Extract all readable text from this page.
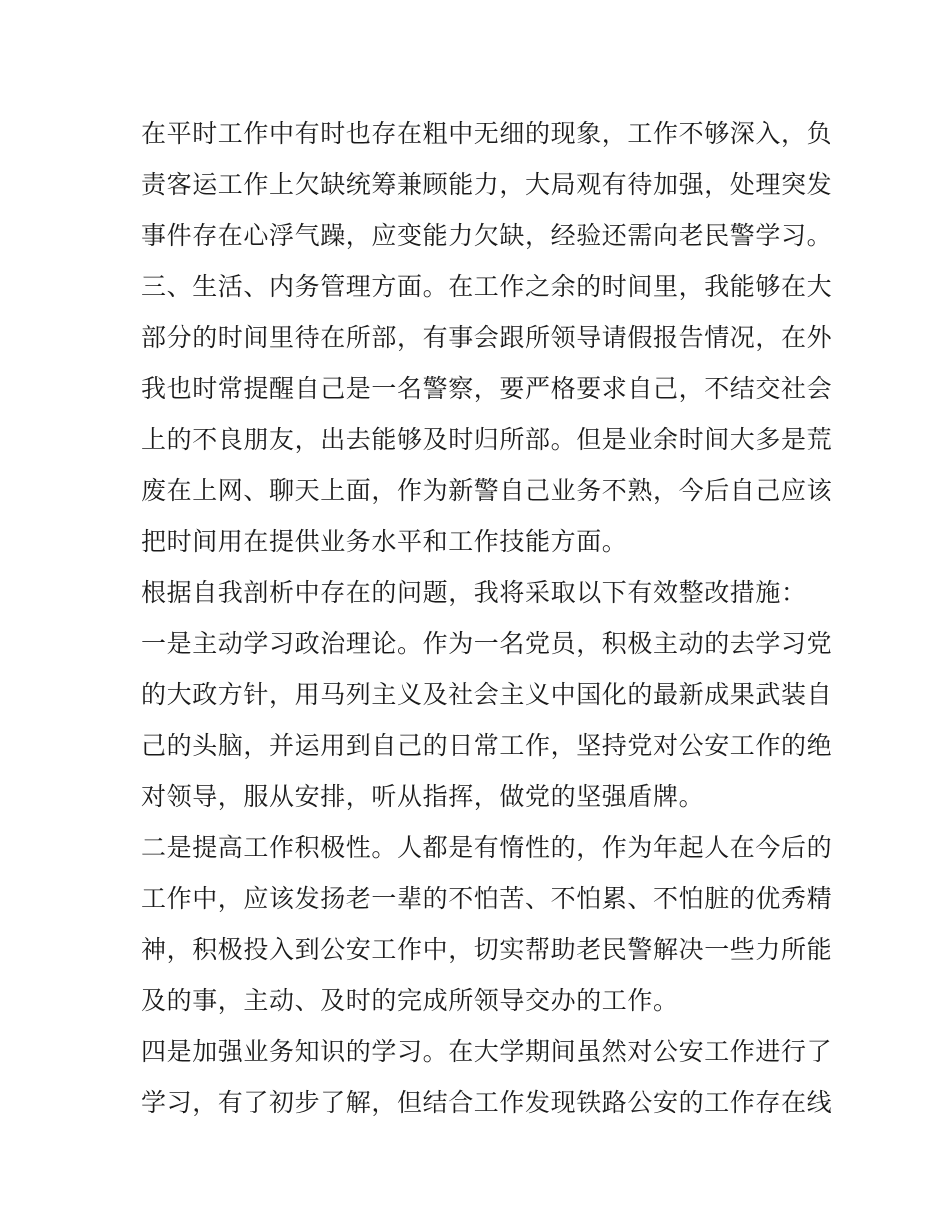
在平时工作中有时也存在粗中无细的现象，工作不够深入，负
责客运工作上欠缺统筹兼顾能力，大局观有待加强，处理突发
事件存在心浮气躁，应变能力欠缺，经验还需向老民警学习。
三、生活、内务管理方面。在工作之余的时间里，我能够在大
部分的时间里待在所部，有事会跟所领导请假报告情况，在外
我也时常提醒自己是一名警察，要严格要求自己，不结交社会
上的不良朋友，出去能够及时归所部。但是业余时间大多是荒
废在上网、聊天上面，作为新警自己业务不熟，今后自己应该
把时间用在提供业务水平和工作技能方面。
根据自我剖析中存在的问题，我将采取以下有效整改措施：
一是主动学习政治理论。作为一名党员，积极主动的去学习党
的大政方针，用马列主义及社会主义中国化的最新成果武装自
己的头脑，并运用到自己的日常工作，坚持党对公安工作的绝
对领导，服从安排，听从指挥，做党的坚强盾牌。
二是提高工作积极性。人都是有惰性的，作为年起人在今后的
工作中，应该发扬老一辈的不怕苦、不怕累、不怕脏的优秀精
神，积极投入到公安工作中，切实帮助老民警解决一些力所能
及的事，主动、及时的完成所领导交办的工作。
四是加强业务知识的学习。在大学期间虽然对公安工作进行了
学习，有了初步了解，但结合工作发现铁路公安的工作存在线
